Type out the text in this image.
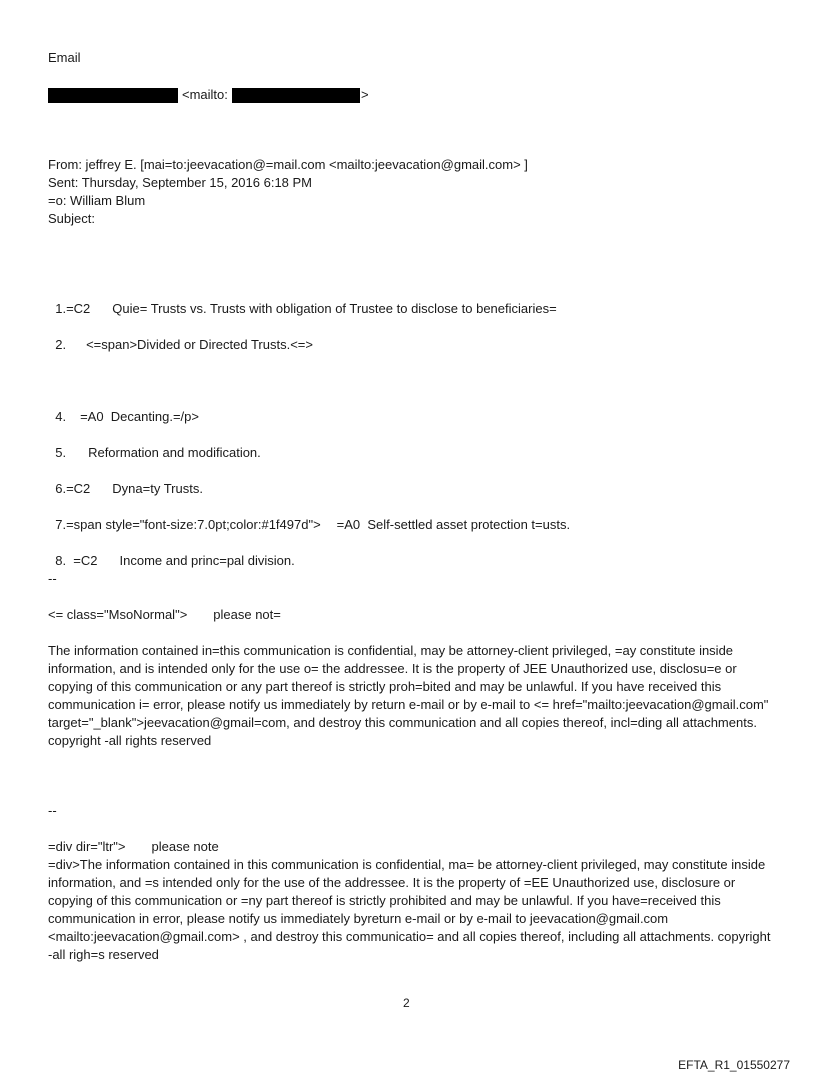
Email
<mailto:	>
From: jeffrey E. [mai=to:jeevacation@=mail.com <mailto:jeevacation@gmail.com> ]
Sent: Thursday, September 15, 2016 6:18 PM
=o: William Blum
Subject:

1.=C2 Quie= Trusts vs. Trusts with obligation of Trustee to disclose to beneficiaries=

2. <=span>Divided or Directed Trusts.<=>

4. =A0  Decanting.=/p>

5. Reformation and modification.

6.=C2 Dyna=ty Trusts.

7.=span style="font-size:7.0pt;color:#1f497d"> =A0  Self-settled asset protection t=usts.

8.  =C2 Income and princ=pal division.

--
<= class="MsoNormal"> please not=
The information contained in=this communication is confidential, may be attorney-client privileged, =ay constitute inside information, and is intended only for the use o= the addressee. It is the property of JEE Unauthorized use, disclosu=e or copying of this communication or any part thereof is strictly proh=bited and may be unlawful. If you have received this communication i= error, please notify us immediately by return e-mail or by e-mail to <= href="mailto:jeevacation@gmail.com" target="_blank">jeevacation@gmail=com, and destroy this communication and all copies thereof, incl=ding all attachments. copyright -all rights reserved
--
=div dir="ltr"> please note
=div>The information contained in this communication is confidential, ma= be attorney-client privileged, may constitute inside information, and =s intended only for the use of the addressee. It is the property of =EE Unauthorized use, disclosure or copying of this communication or =ny part thereof is strictly prohibited and may be unlawful. If you have=received this communication in error, please notify us immediately byreturn e-mail or by e-mail to jeevacation@gmail.com <mailto:jeevacation@gmail.com> , and destroy this communicatio= and all copies thereof, including all attachments. copyright -all righ=s reserved
2
EFTA_R1_01550277
